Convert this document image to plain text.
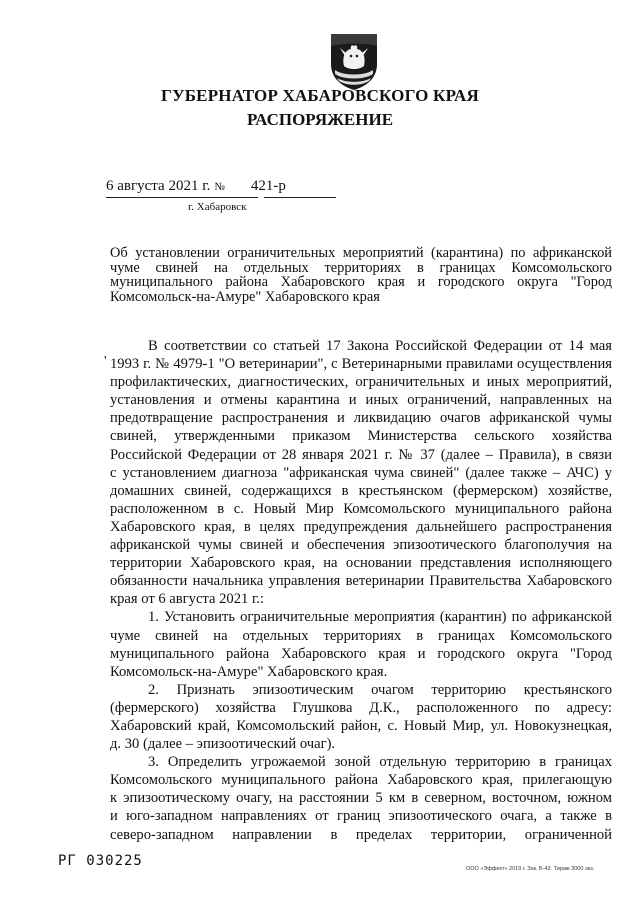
ГУБЕРНАТОР ХАБАРОВСКОГО КРАЯ
РАСПОРЯЖЕНИЕ
6 августа 2021 г. № 421-р
г. Хабаровск
Об установлении ограничительных мероприятий (карантина) по африканской
чуме свиней на отдельных территориях в границах Комсомольского
муниципального района Хабаровского края и городского округа "Город
Комсомольск-на-Амуре" Хабаровского края
'
В соответствии со статьей 17 Закона Российской Федерации от 14 мая
1993 г. № 4979-1 "О ветеринарии", с Ветеринарными правилами осуществления
профилактических, диагностических, ограничительных и иных мероприятий,
установления и отмены карантина и иных ограничений, направленных на
предотвращение распространения и ликвидацию очагов африканской чумы
свиней, утвержденными приказом Министерства сельского хозяйства
Российской Федерации от 28 января 2021 г. № 37 (далее – Правила), в связи
с установлением диагноза "африканская чума свиней" (далее также – АЧС) у
домашних свиней, содержащихся в крестьянском (фермерском) хозяйстве,
расположенном в с. Новый Мир Комсомольского муниципального района
Хабаровского края, в целях предупреждения дальнейшего распространения
африканской чумы свиней и обеспечения эпизоотического благополучия на
территории Хабаровского края, на основании представления исполняющего
обязанности начальника управления ветеринарии Правительства Хабаровского
края от 6 августа 2021 г.:
1. Установить ограничительные мероприятия (карантин) по африканской
чуме свиней на отдельных территориях в границах Комсомольского
муниципального района Хабаровского края и городского округа "Город
Комсомольск-на-Амуре" Хабаровского края.
2. Признать эпизоотическим очагом территорию крестьянского
(фермерского) хозяйства Глушкова Д.К., расположенного по адресу:
Хабаровский край, Комсомольский район, с. Новый Мир, ул. Новокузнецкая,
д. 30 (далее – эпизоотический очаг).
3. Определить угрожаемой зоной отдельную территорию в границах
Комсомольского муниципального района Хабаровского края, прилегающую
к эпизоотическому очагу, на расстоянии 5 км в северном, восточном, южном
и юго-западном направлениях от границ эпизоотического очага, а также в
северо-западном направлении в пределах территории, ограниченной
РГ 030225	ООО «Эффект» 2019 г. Зак. Б-42. Тираж 3000 экз.
